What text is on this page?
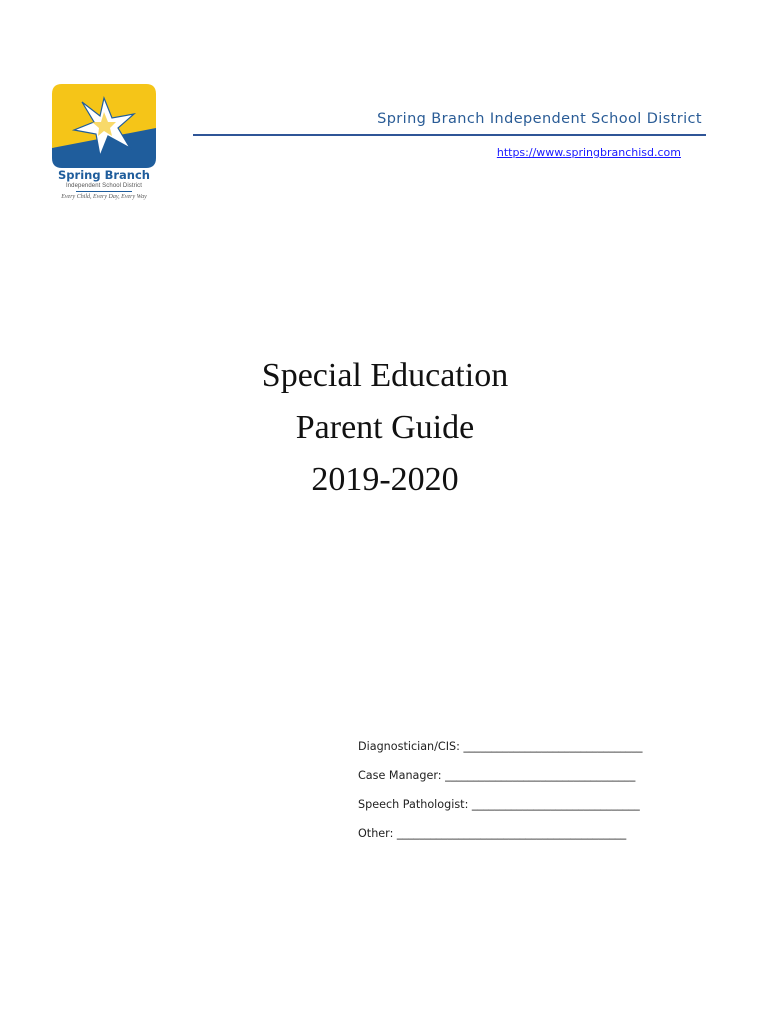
Spring Branch
Independent School District
Every Child, Every Day, Every Way
Spring Branch Independent School District
https://www.springbranchisd.com
Special Education
Parent Guide
2019-2020
Diagnostician/CIS: ________________________________
Case Manager: __________________________________
Speech Pathologist: ______________________________
Other: _________________________________________
